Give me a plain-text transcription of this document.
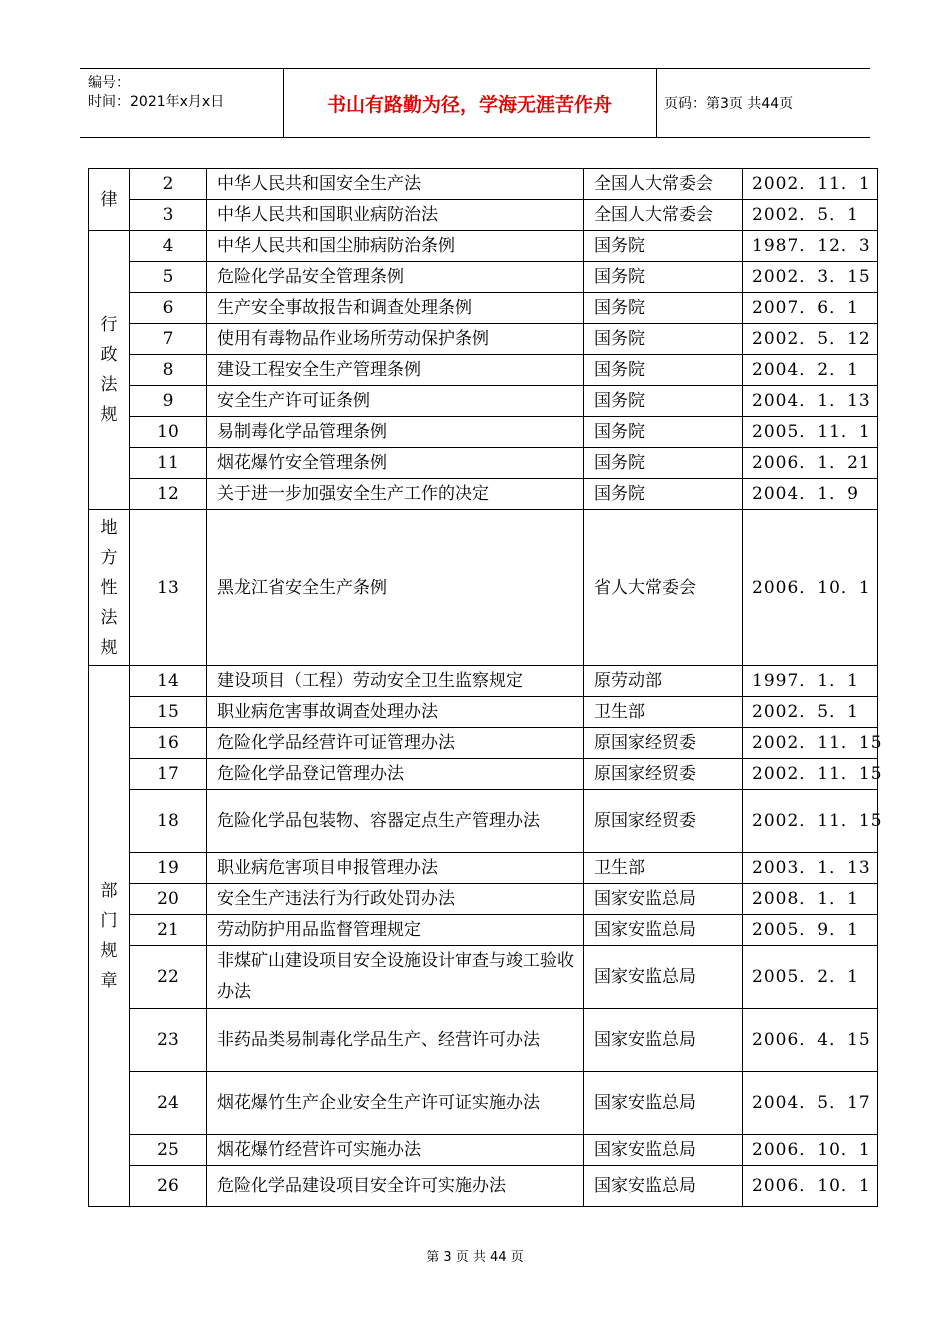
编号：
时间：2021年x月x日	书山有路勤为径，学海无涯苦作舟	页码：第3页 共44页
律	2	中华人民共和国安全生产法	全国人大常委会	2002．11．1
	3	中华人民共和国职业病防治法	全国人大常委会	2002．5．1

行
政
法
规	4	中华人民共和国尘肺病防治条例	国务院	1987．12．3
	5	危险化学品安全管理条例	国务院	2002．3．15
	6	生产安全事故报告和调查处理条例	国务院	2007．6．1
	7	使用有毒物品作业场所劳动保护条例	国务院	2002．5．12
	8	建设工程安全生产管理条例	国务院	2004．2．1
	9	安全生产许可证条例	国务院	2004．1．13
	10	易制毒化学品管理条例	国务院	2005．11．1
	11	烟花爆竹安全管理条例	国务院	2006．1．21
	12	关于进一步加强安全生产工作的决定	国务院	2004．1．9

地
方
性
法
规	13	黑龙江省安全生产条例	省人大常委会	2006．10．1

部
门
规
章	14	建设项目（工程）劳动安全卫生监察规定	原劳动部	1997．1．1
	15	职业病危害事故调查处理办法	卫生部	2002．5．1
	16	危险化学品经营许可证管理办法	原国家经贸委	2002．11．15
	17	危险化学品登记管理办法	原国家经贸委	2002．11．15
	18	危险化学品包装物、容器定点生产管理办法	原国家经贸委	2002．11．15
	19	职业病危害项目申报管理办法	卫生部	2003．1．13
	20	安全生产违法行为行政处罚办法	国家安监总局	2008．1．1
	21	劳动防护用品监督管理规定	国家安监总局	2005．9．1
	22	非煤矿山建设项目安全设施设计审查与竣工验收办法	国家安监总局	2005．2．1
	23	非药品类易制毒化学品生产、经营许可办法	国家安监总局	2006．4．15
	24	烟花爆竹生产企业安全生产许可证实施办法	国家安监总局	2004．5．17
	25	烟花爆竹经营许可实施办法	国家安监总局	2006．10．1
	26	危险化学品建设项目安全许可实施办法	国家安监总局	2006．10．1
第 3 页 共 44 页
